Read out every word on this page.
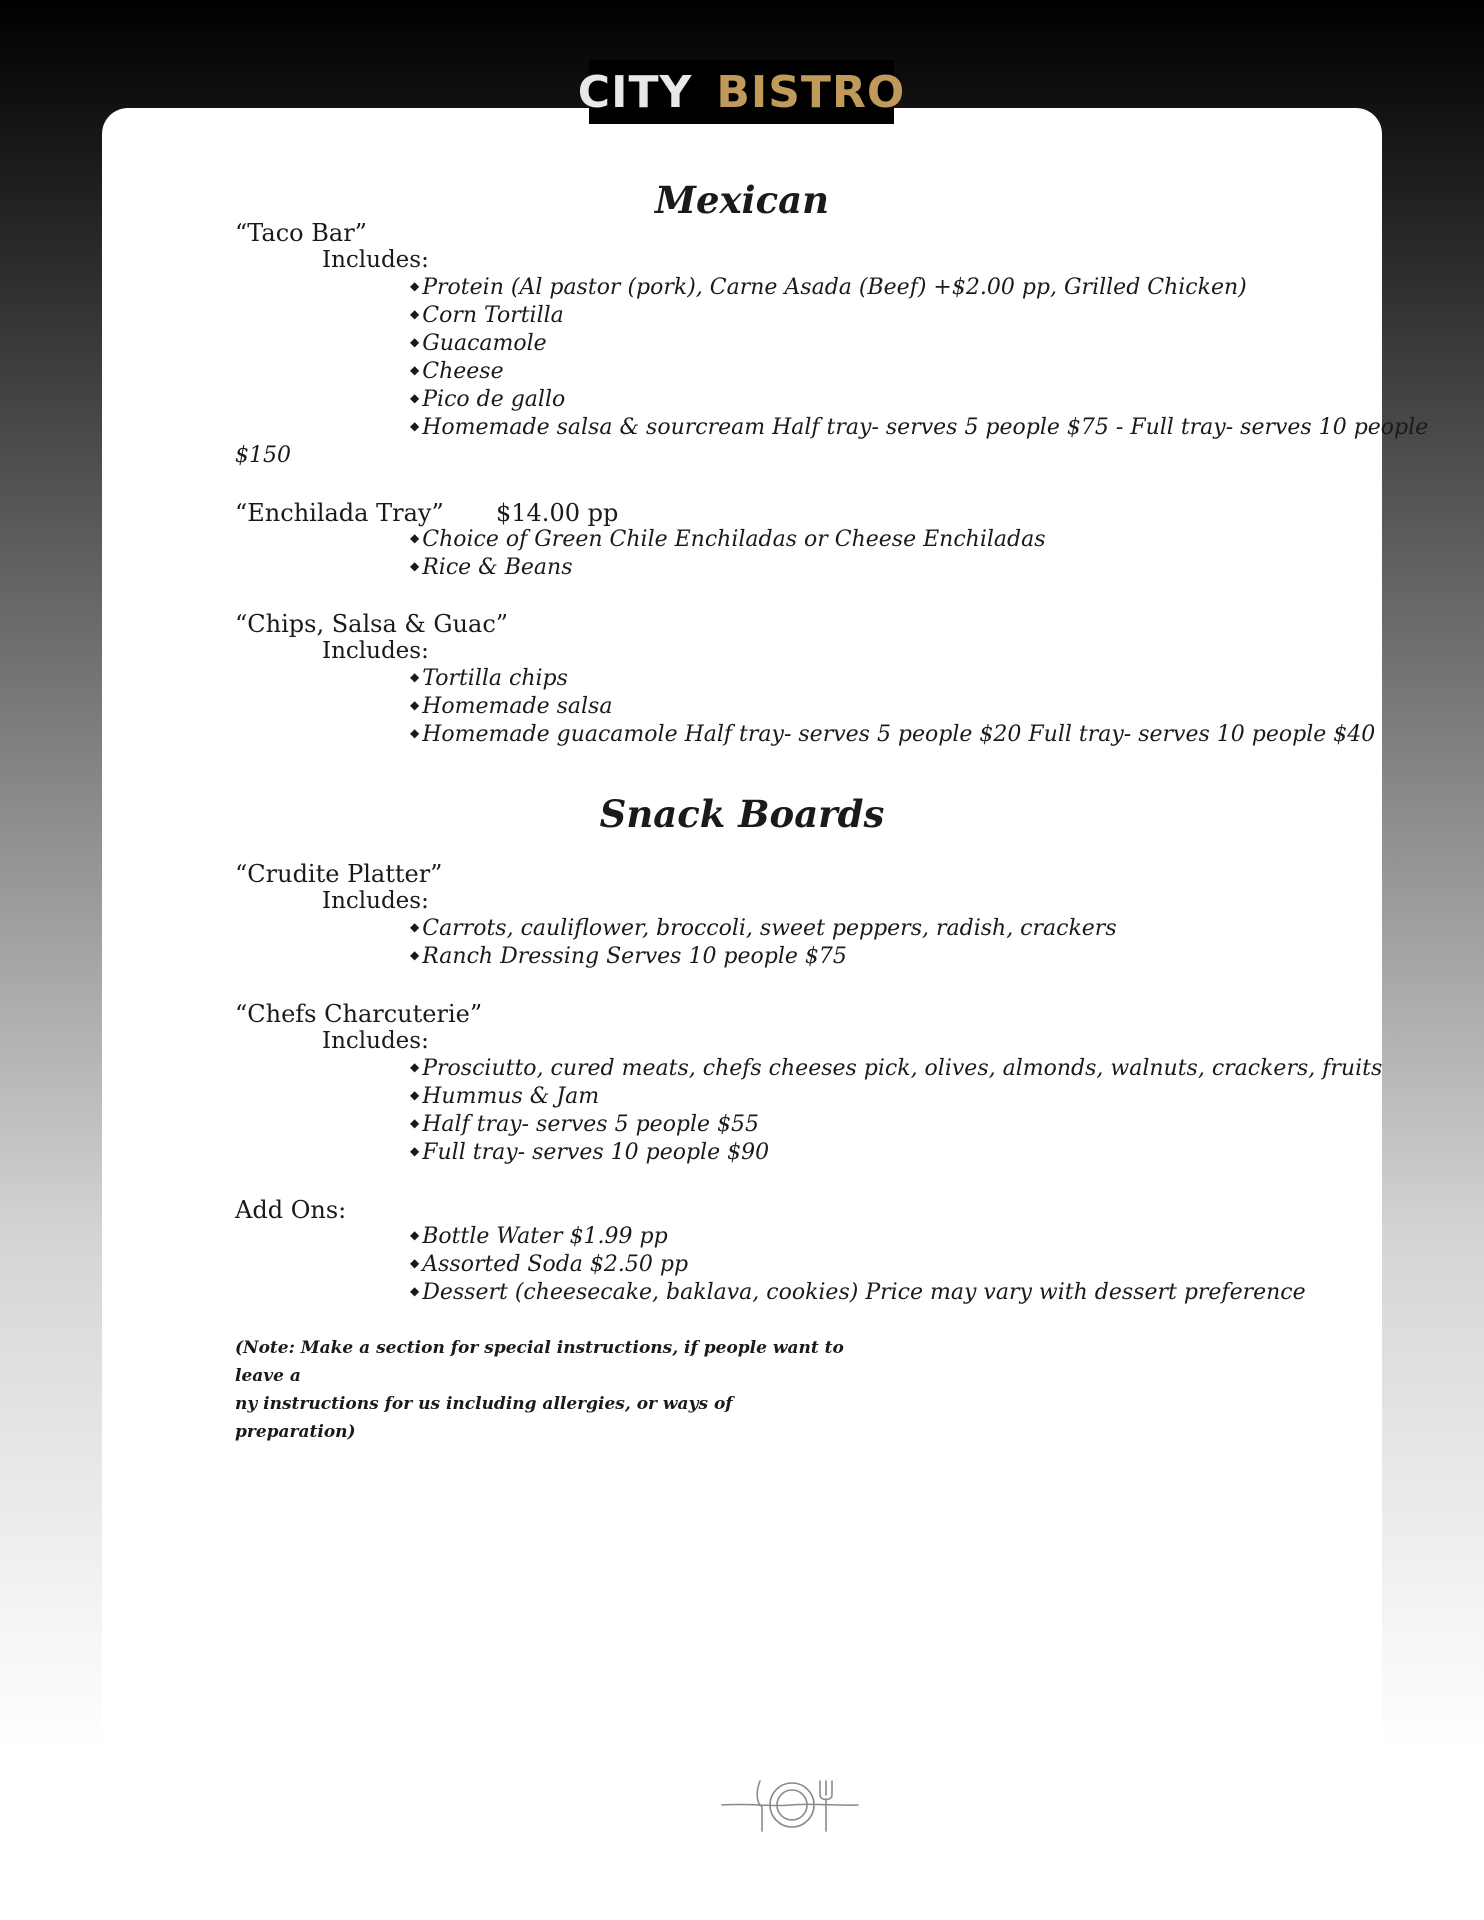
CITY BISTRO
Mexican

“Taco Bar”

Includes:

◆ Protein (Al pastor (pork), Carne Asada (Beef) +$2.00 pp, Grilled Chicken)

◆ Corn Tortilla

◆ Guacamole

◆ Cheese

◆ Pico de gallo

◆ Homemade salsa & sourcream Half tray- serves 5 people $75 - Full tray- serves 10 people

$150

“Enchilada Tray” $14.00 pp

◆ Choice of Green Chile Enchiladas or Cheese Enchiladas

◆ Rice & Beans

“Chips, Salsa & Guac”

Includes:

◆ Tortilla chips

◆ Homemade salsa

◆ Homemade guacamole Half tray- serves 5 people $20 Full tray- serves 10 people $40

Snack Boards

“Crudite Platter”

Includes:

◆ Carrots, cauliflower, broccoli, sweet peppers, radish, crackers

◆ Ranch Dressing Serves 10 people $75

“Chefs Charcuterie”

Includes:

◆ Prosciutto, cured meats, chefs cheeses pick, olives, almonds, walnuts, crackers, fruits

◆ Hummus & Jam

◆ Half tray- serves 5 people $55

◆ Full tray- serves 10 people $90

Add Ons:

◆ Bottle Water $1.99 pp

◆ Assorted Soda $2.50 pp

◆ Dessert (cheesecake, baklava, cookies) Price may vary with dessert preference

(Note: Make a section for special instructions, if people want to leave a
ny instructions for us including allergies, or ways of preparation)
